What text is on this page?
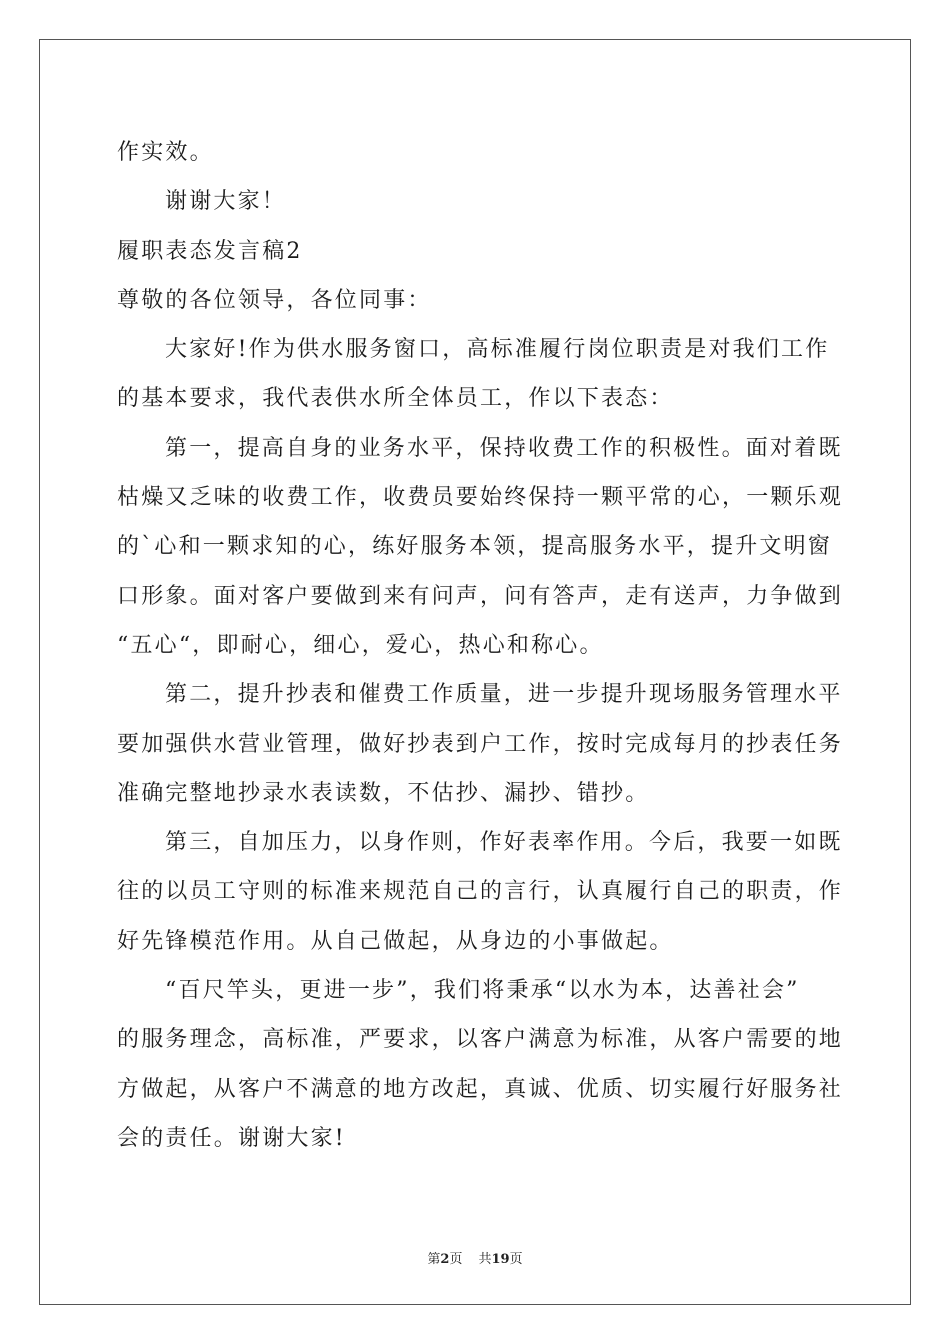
作实效。
谢谢大家！
履职表态发言稿2
尊敬的各位领导，各位同事：
大家好!作为供水服务窗口，高标准履行岗位职责是对我们工作
的基本要求，我代表供水所全体员工，作以下表态：
第一，提高自身的业务水平，保持收费工作的积极性。面对着既
枯燥又乏味的收费工作，收费员要始终保持一颗平常的心，一颗乐观
的`心和一颗求知的心，练好服务本领，提高服务水平，提升文明窗
口形象。面对客户要做到来有问声，问有答声，走有送声，力争做到
“五心“，即耐心，细心，爱心，热心和称心。
第二，提升抄表和催费工作质量，进一步提升现场服务管理水平
要加强供水营业管理，做好抄表到户工作，按时完成每月的抄表任务
准确完整地抄录水表读数，不估抄、漏抄、错抄。
第三，自加压力，以身作则，作好表率作用。今后，我要一如既
往的以员工守则的标准来规范自己的言行，认真履行自己的职责，作
好先锋模范作用。从自己做起，从身边的小事做起。
“百尺竿头，更进一步”，我们将秉承“以水为本，达善社会”
的服务理念，高标准，严要求，以客户满意为标准，从客户需要的地
方做起，从客户不满意的地方改起，真诚、优质、切实履行好服务社
会的责任。谢谢大家!
第2页 共19页
